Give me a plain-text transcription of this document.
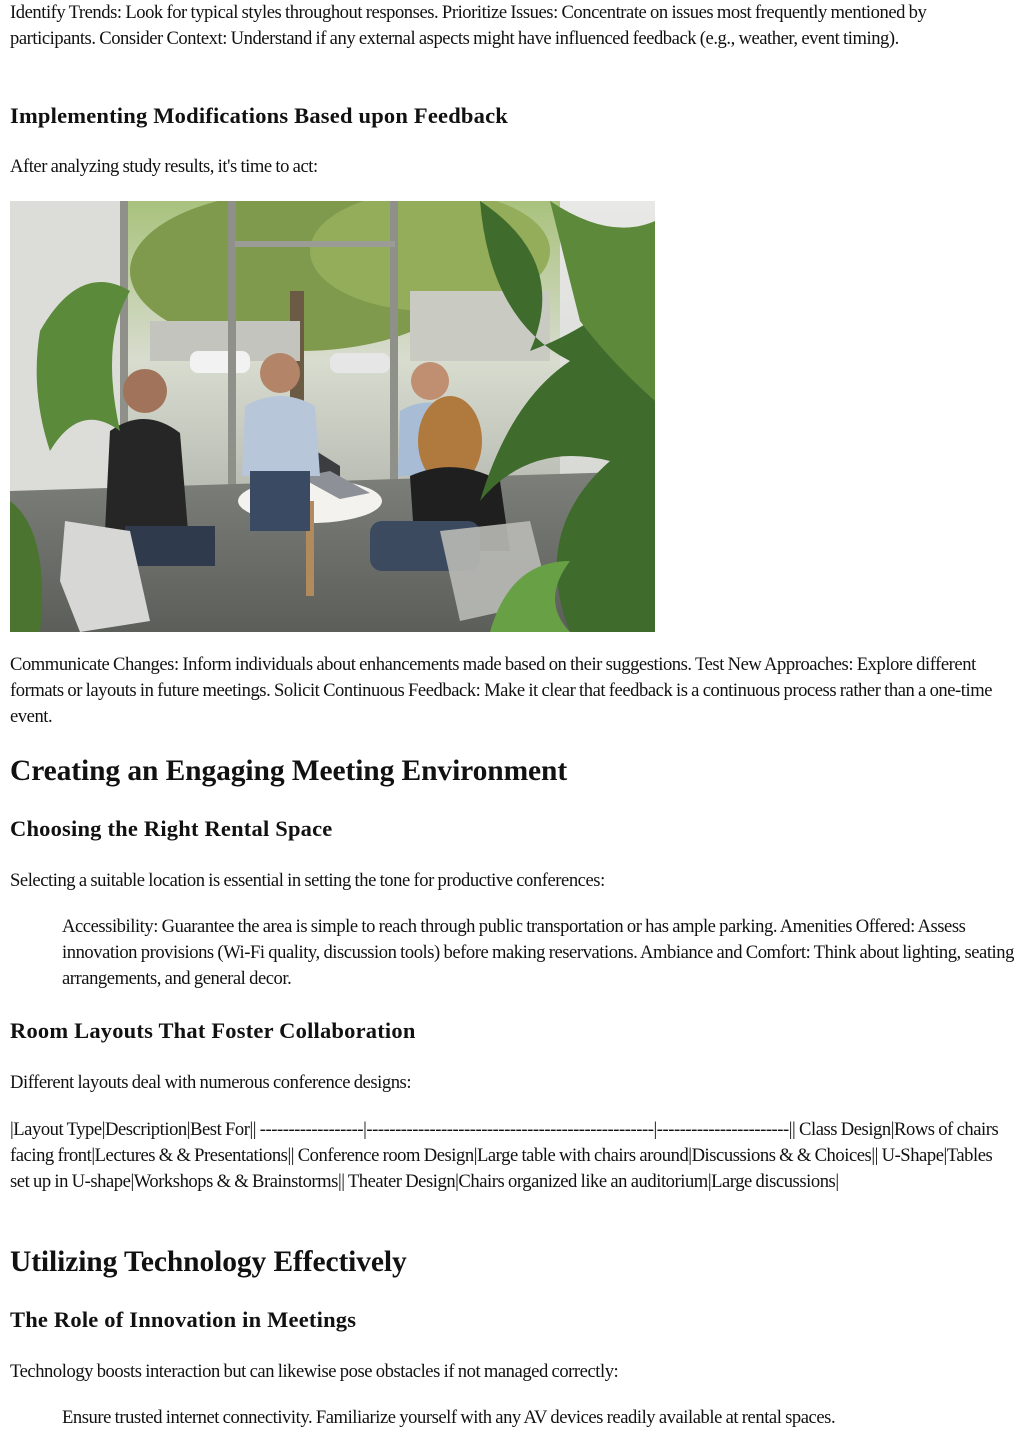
Identify Trends: Look for typical styles throughout responses. Prioritize Issues: Concentrate on issues most frequently mentioned by participants. Consider Context: Understand if any external aspects might have influenced feedback (e.g., weather, event timing).

Implementing Modifications Based upon Feedback

After analyzing study results, it's time to act:

Communicate Changes: Inform individuals about enhancements made based on their suggestions. Test New Approaches: Explore different formats or layouts in future meetings. Solicit Continuous Feedback: Make it clear that feedback is a continuous process rather than a one-time event.

Creating an Engaging Meeting Environment
Choosing the Right Rental Space

Selecting a suitable location is essential in setting the tone for productive conferences:

Accessibility: Guarantee the area is simple to reach through public transportation or has ample parking. Amenities Offered: Assess innovation provisions (Wi-Fi quality, discussion tools) before making reservations. Ambiance and Comfort: Think about lighting, seating arrangements, and general decor.

Room Layouts That Foster Collaboration

Different layouts deal with numerous conference designs:

|Layout Type|Description|Best For|| ------------------|--------------------------------------------------|-----------------------|| Class Design|Rows of chairs facing front|Lectures & & Presentations|| Conference room Design|Large table with chairs around|Discussions & & Choices|| U-Shape|Tables set up in U-shape|Workshops & & Brainstorms|| Theater Design|Chairs organized like an auditorium|Large discussions|

Utilizing Technology Effectively
The Role of Innovation in Meetings

Technology boosts interaction but can likewise pose obstacles if not managed correctly:

Ensure trusted internet connectivity. Familiarize yourself with any AV devices readily available at rental spaces.
